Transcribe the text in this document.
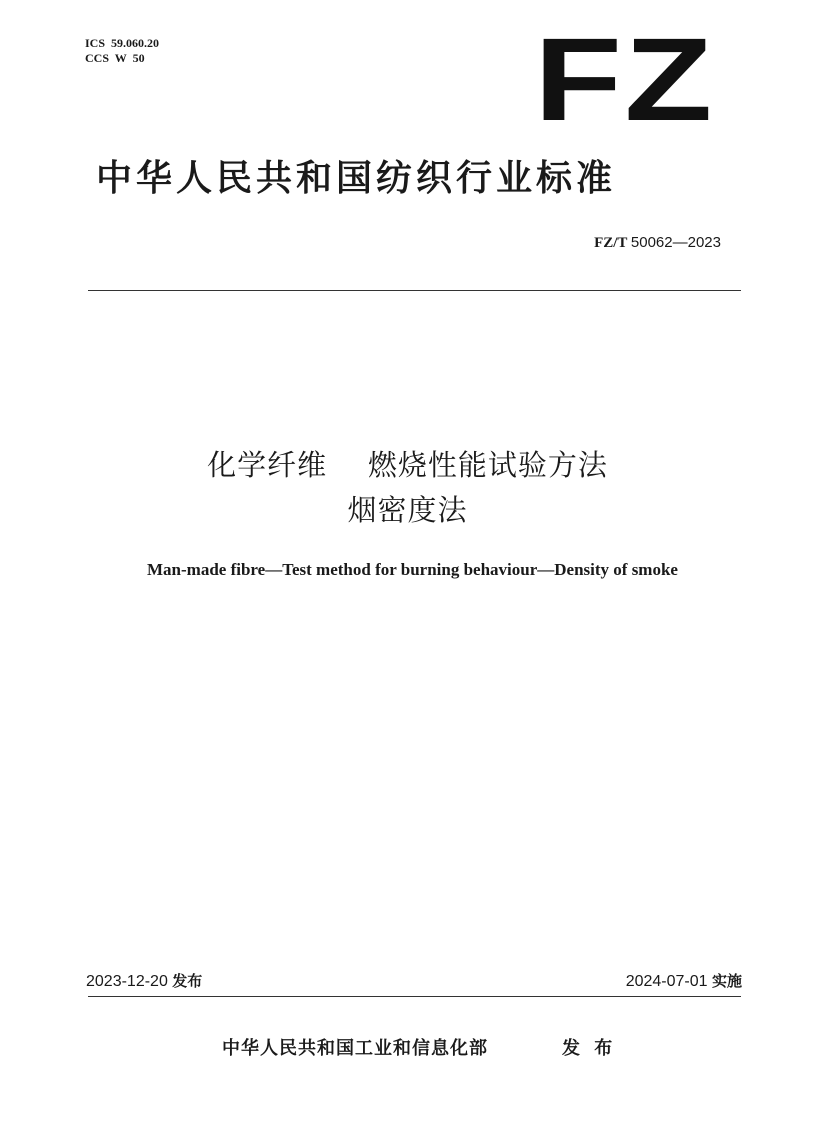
ICS  59.060.20
CCS  W  50	FZ
中华人民共和国纺织行业标准
FZ/T 50062—2023
化学纤维    燃烧性能试验方法
烟密度法
Man-made fibre—Test method for burning behaviour—Density of smoke
2023-12-20 发布	2024-07-01 实施
中华人民共和国工业和信息化部	发 布
